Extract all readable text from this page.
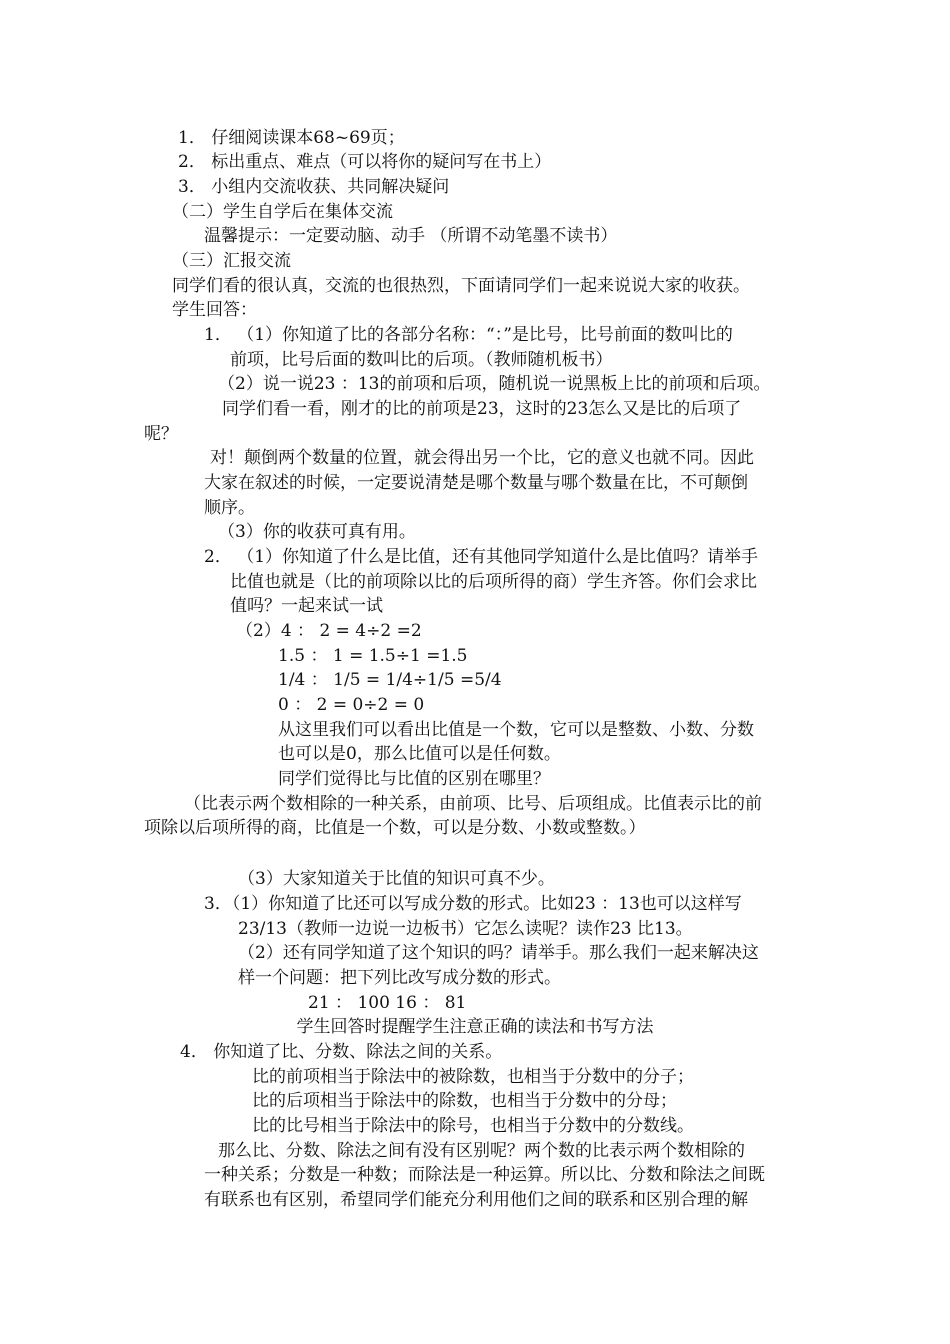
1． 仔细阅读课本68~69页；
2． 标出重点、难点（可以将你的疑问写在书上）
3． 小组内交流收获、共同解决疑问
（二）学生自学后在集体交流
温馨提示：一定要动脑、动手 （所谓不动笔墨不读书）
（三）汇报交流
同学们看的很认真，交流的也很热烈，下面请同学们一起来说说大家的收获。
学生回答：
1． （1）你知道了比的各部分名称：“：”是比号，比号前面的数叫比的
前项，比号后面的数叫比的后项。（教师随机板书）
（2）说一说23 ：13的前项和后项，随机说一说黑板上比的前项和后项。
同学们看一看，刚才的比的前项是23，这时的23怎么又是比的后项了
呢？
对！颠倒两个数量的位置，就会得出另一个比，它的意义也就不同。因此
大家在叙述的时候，一定要说清楚是哪个数量与哪个数量在比，不可颠倒
顺序。
（3）你的收获可真有用。
2． （1）你知道了什么是比值，还有其他同学知道什么是比值吗？请举手
比值也就是（比的前项除以比的后项所得的商）学生齐答。你们会求比
值吗？一起来试一试
（2）4 ： 2 = 4÷2 =2
1.5 ： 1 = 1.5÷1 =1.5
1/4 ： 1/5 = 1/4÷1/5 =5/4
0 ： 2 = 0÷2 = 0
从这里我们可以看出比值是一个数，它可以是整数、小数、分数
也可以是0，那么比值可以是任何数。
同学们觉得比与比值的区别在哪里？
（比表示两个数相除的一种关系，由前项、比号、后项组成。比值表示比的前
项除以后项所得的商，比值是一个数，可以是分数、小数或整数。）
（3）大家知道关于比值的知识可真不少。
3．（1）你知道了比还可以写成分数的形式。比如23 ：13也可以这样写
23/13（教师一边说一边板书）它怎么读呢？读作23 比13。
（2）还有同学知道了这个知识的吗？请举手。那么我们一起来解决这
样一个问题：把下列比改写成分数的形式。
21 ： 100 16 ： 81
学生回答时提醒学生注意正确的读法和书写方法
4． 你知道了比、分数、除法之间的关系。
比的前项相当于除法中的被除数，也相当于分数中的分子；
比的后项相当于除法中的除数，也相当于分数中的分母；
比的比号相当于除法中的除号，也相当于分数中的分数线。
那么比、分数、除法之间有没有区别呢？两个数的比表示两个数相除的
一种关系；分数是一种数；而除法是一种运算。所以比、分数和除法之间既
有联系也有区别，希望同学们能充分利用他们之间的联系和区别合理的解
